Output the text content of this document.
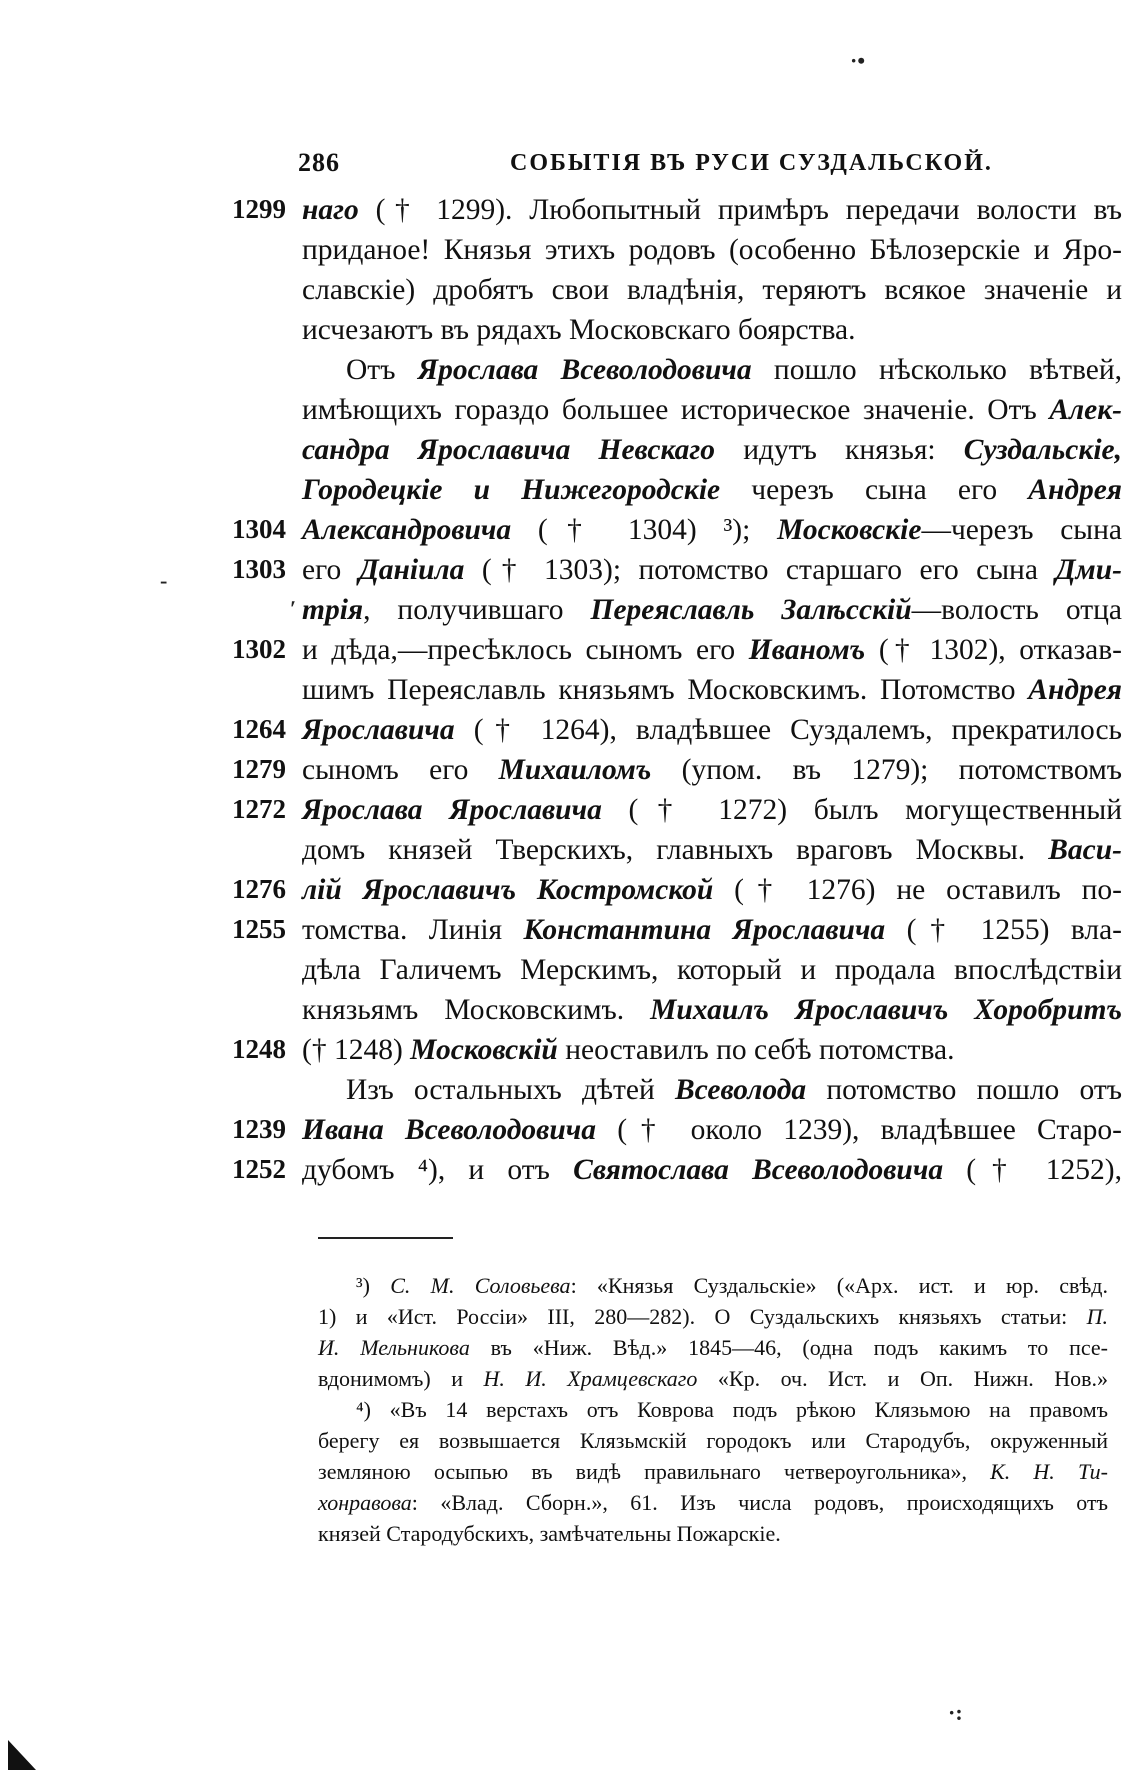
286	СОБЫТІЯ ВЪ РУСИ СУЗДАЛЬСКОЙ.
1299 наго († 1299). Любопытный примѣръ передачи волости въ
приданое! Князья этихъ родовъ (особенно Бѣлозерскіе и Яро-
славскіе) дробятъ свои владѣнія, теряютъ всякое значеніе и
исчезаютъ въ рядахъ Московскаго боярства.
Отъ Ярослава Всеволодовича пошло нѣсколько вѣтвей,
имѣющихъ гораздо большее историческое значеніе. Отъ Алек-
сандра Ярославича Невскаго идутъ князья: Суздальскіе,
Городецкіе и Нижегородскіе черезъ сына его Андрея
1304 Александровича († 1304) ³); Московскіе—черезъ сына
1303 его Данiила († 1303); потомство старшаго его сына Дми-
трія, получившаго Переяславль Залѣсскій—волость отца
1302 и дѣда,—пресѣклось сыномъ его Иваномъ († 1302), отказав-
шимъ Переяславль князьямъ Московскимъ. Потомство Андрея
1264 Ярославича († 1264), владѣвшее Суздалемъ, прекратилось
1279 сыномъ его Михаиломъ (упом. въ 1279); потомствомъ
1272 Ярослава Ярославича († 1272) былъ могущественный
домъ князей Тверскихъ, главныхъ враговъ Москвы. Васи-
1276 лій Ярославичъ Костромской († 1276) не оставилъ по-
1255 томства. Линія Константина Ярославича († 1255) вла-
дѣла Галичемъ Мерскимъ, который и продала впослѣдствіи
князьямъ Московскимъ. Михаилъ Ярославичъ Хоробритъ
1248 († 1248) Московскій неоставилъ по себѣ потомства.
Изъ остальныхъ дѣтей Всеволода потомство пошло отъ
1239 Ивана Всеволодовича († около 1239), владѣвшее Старо-
1252 дубомъ ⁴), и отъ Святослава Всеволодовича († 1252),
·•
-
ʹ
³) С. М. Соловьева: «Князья Суздальскіе» («Арх. ист. и юр. свѣд.
1) и «Ист. Россіи» III, 280—282). О Суздальскихъ князьяхъ статьи: П.
И. Мельникова въ «Ниж. Вѣд.» 1845—46, (одна подъ какимъ то псе-
вдонимомъ) и Н. И. Храмцевскаго «Кр. оч. Ист. и Оп. Нижн. Нов.»
⁴) «Въ 14 верстахъ отъ Коврова подъ рѣкою Клязьмою на правомъ
берегу ея возвышается Клязьмскій городокъ или Стародубъ, окруженный
земляною осыпью въ видѣ правильнаго четвероугольника», К. Н. Ти-
хонравова: «Влад. Сборн.», 61. Изъ числа родовъ, происходящихъ отъ
князей Стародубскихъ, замѣчательны Пожарскіе.
·:
